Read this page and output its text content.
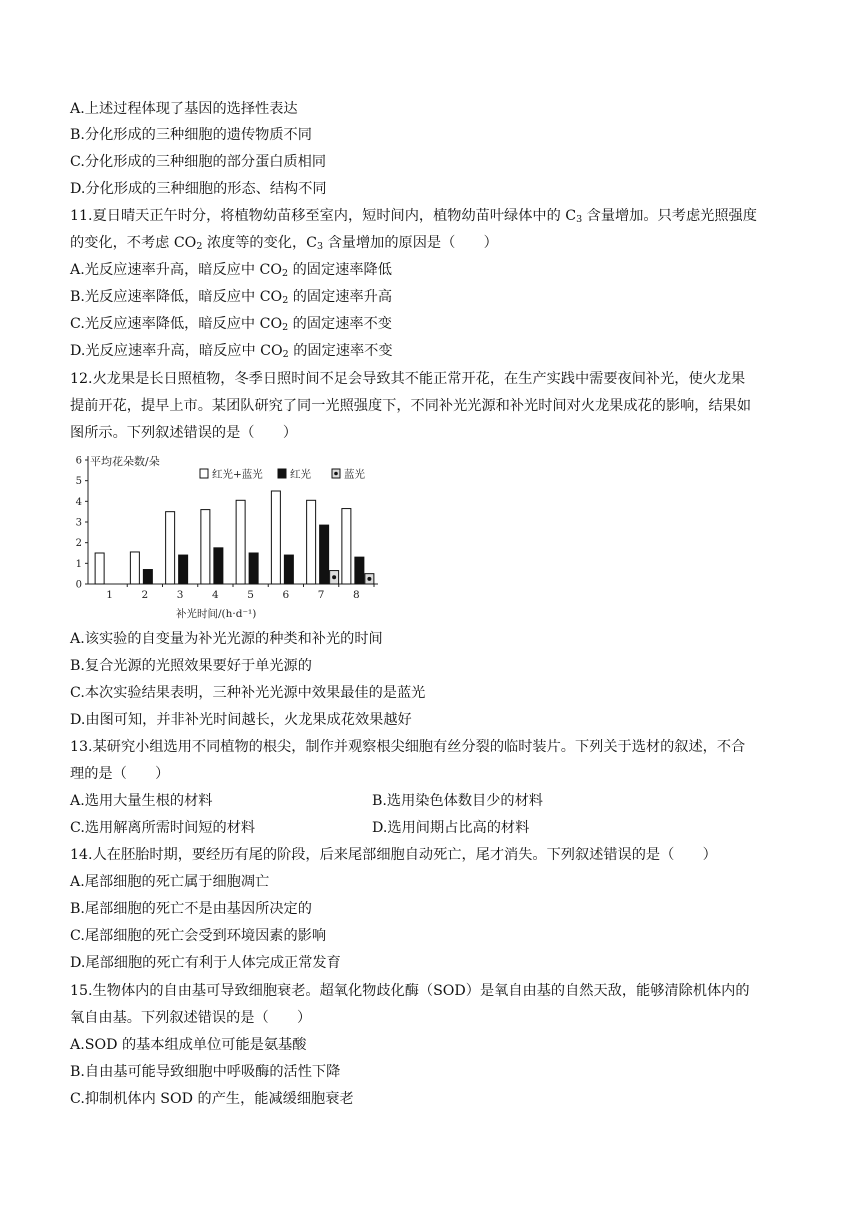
A.上述过程体现了基因的选择性表达
B.分化形成的三种细胞的遗传物质不同
C.分化形成的三种细胞的部分蛋白质相同
D.分化形成的三种细胞的形态、结构不同
11.夏日晴天正午时分，将植物幼苗移至室内，短时间内，植物幼苗叶绿体中的 $C_3$ 含量增加。只考虑光照强度
的变化，不考虑 $CO_2$ 浓度等的变化，$C_3$ 含量增加的原因是（　　）
A.光反应速率升高，暗反应中 $CO_2$ 的固定速率降低
B.光反应速率降低，暗反应中 $CO_2$ 的固定速率升高
C.光反应速率降低，暗反应中 $CO_2$ 的固定速率不变
D.光反应速率升高，暗反应中 $CO_2$ 的固定速率不变
12.火龙果是长日照植物，冬季日照时间不足会导致其不能正常开花，在生产实践中需要夜间补光，使火龙果
提前开花，提早上市。某团队研究了同一光照强度下，不同补光光源和补光时间对火龙果成花的影响，结果如
图所示。下列叙述错误的是（　　）
0
1
2
3
4
5
6
1	2	3	4	5	6	7	8
红光+蓝光	红光	蓝光
平均花朵数/朵
补光时间/(h·d⁻¹)
A.该实验的自变量为补光光源的种类和补光的时间
B.复合光源的光照效果要好于单光源的
C.本次实验结果表明，三种补光光源中效果最佳的是蓝光
D.由图可知，并非补光时间越长，火龙果成花效果越好
13.某研究小组选用不同植物的根尖，制作并观察根尖细胞有丝分裂的临时装片。下列关于选材的叙述，不合
理的是（　　）
A.选用大量生根的材料	B.选用染色体数目少的材料
C.选用解离所需时间短的材料	D.选用间期占比高的材料
14.人在胚胎时期，要经历有尾的阶段，后来尾部细胞自动死亡，尾才消失。下列叙述错误的是（　　）
A.尾部细胞的死亡属于细胞凋亡
B.尾部细胞的死亡不是由基因所决定的
C.尾部细胞的死亡会受到环境因素的影响
D.尾部细胞的死亡有利于人体完成正常发育
15.生物体内的自由基可导致细胞衰老。超氧化物歧化酶（SOD）是氧自由基的自然天敌，能够清除机体内的
氧自由基。下列叙述错误的是（　　）
A.SOD 的基本组成单位可能是氨基酸
B.自由基可能导致细胞中呼吸酶的活性下降
C.抑制机体内 SOD 的产生，能减缓细胞衰老
